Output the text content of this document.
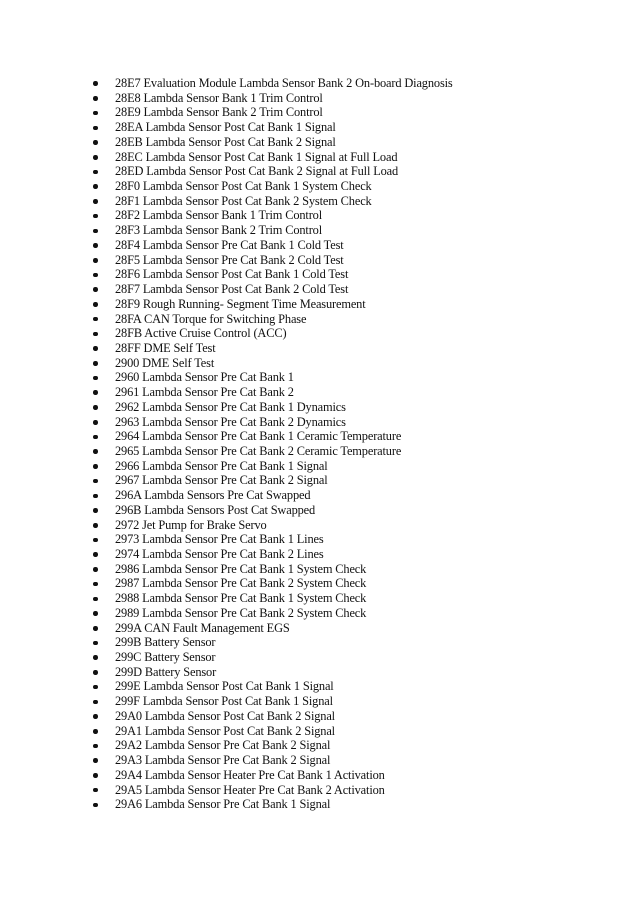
28E7 Evaluation Module Lambda Sensor Bank 2 On-board Diagnosis
28E8 Lambda Sensor Bank 1 Trim Control
28E9 Lambda Sensor Bank 2 Trim Control
28EA Lambda Sensor Post Cat Bank 1 Signal
28EB Lambda Sensor Post Cat Bank 2 Signal
28EC Lambda Sensor Post Cat Bank 1 Signal at Full Load
28ED Lambda Sensor Post Cat Bank 2 Signal at Full Load
28F0 Lambda Sensor Post Cat Bank 1 System Check
28F1 Lambda Sensor Post Cat Bank 2 System Check
28F2 Lambda Sensor Bank 1 Trim Control
28F3 Lambda Sensor Bank 2 Trim Control
28F4 Lambda Sensor Pre Cat Bank 1 Cold Test
28F5 Lambda Sensor Pre Cat Bank 2 Cold Test
28F6 Lambda Sensor Post Cat Bank 1 Cold Test
28F7 Lambda Sensor Post Cat Bank 2 Cold Test
28F9 Rough Running- Segment Time Measurement
28FA CAN Torque for Switching Phase
28FB Active Cruise Control (ACC)
28FF DME Self Test
2900 DME Self Test
2960 Lambda Sensor Pre Cat Bank 1
2961 Lambda Sensor Pre Cat Bank 2
2962 Lambda Sensor Pre Cat Bank 1 Dynamics
2963 Lambda Sensor Pre Cat Bank 2 Dynamics
2964 Lambda Sensor Pre Cat Bank 1 Ceramic Temperature
2965 Lambda Sensor Pre Cat Bank 2 Ceramic Temperature
2966 Lambda Sensor Pre Cat Bank 1 Signal
2967 Lambda Sensor Pre Cat Bank 2 Signal
296A Lambda Sensors Pre Cat Swapped
296B Lambda Sensors Post Cat Swapped
2972 Jet Pump for Brake Servo
2973 Lambda Sensor Pre Cat Bank 1 Lines
2974 Lambda Sensor Pre Cat Bank 2 Lines
2986 Lambda Sensor Pre Cat Bank 1 System Check
2987 Lambda Sensor Pre Cat Bank 2 System Check
2988 Lambda Sensor Pre Cat Bank 1 System Check
2989 Lambda Sensor Pre Cat Bank 2 System Check
299A CAN Fault Management EGS
299B Battery Sensor
299C Battery Sensor
299D Battery Sensor
299E Lambda Sensor Post Cat Bank 1 Signal
299F Lambda Sensor Post Cat Bank 1 Signal
29A0 Lambda Sensor Post Cat Bank 2 Signal
29A1 Lambda Sensor Post Cat Bank 2 Signal
29A2 Lambda Sensor Pre Cat Bank 2 Signal
29A3 Lambda Sensor Pre Cat Bank 2 Signal
29A4 Lambda Sensor Heater Pre Cat Bank 1 Activation
29A5 Lambda Sensor Heater Pre Cat Bank 2 Activation
29A6 Lambda Sensor Pre Cat Bank 1 Signal
